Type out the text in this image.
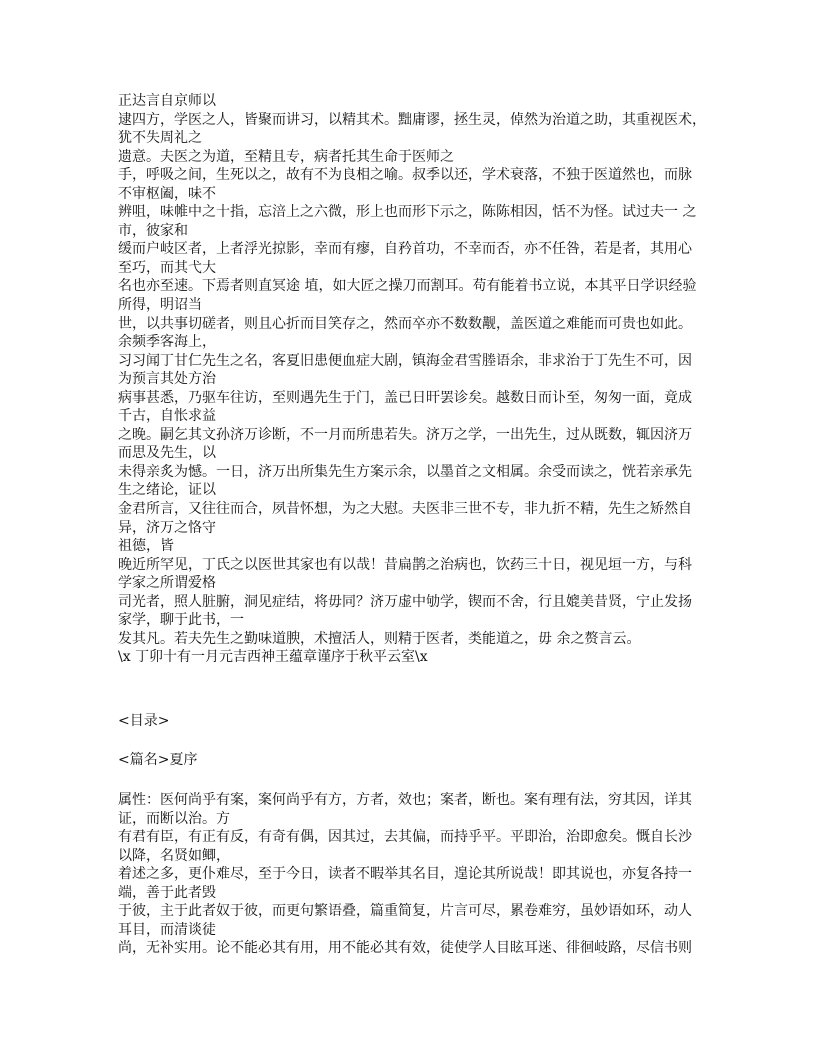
正达言自京师以
逮四方，学医之人，皆聚而讲习，以精其术。黜庸谬，拯生灵，倬然为治道之助，其重视医术，
犹不失周礼之
遗意。夫医之为道，至精且专，病者托其生命于医师之
手，呼吸之间，生死以之，故有不为良相之喻。叔季以还，学术衰落，不独于医道然也，而脉
不审枢阖，味不
辨咀，味帷中之十指，忘涪上之六微，形上也而形下示之，陈陈相因，恬不为怪。试过夫一 之
市，彼家和
缓而户岐区者，上者浮光掠影，幸而有瘳，自矜首功，不幸而否，亦不任咎，若是者，其用心
至巧，而其弋大
名也亦至速。下焉者则直冥途 埴，如大匠之操刀而割耳。苟有能着书立说，本其平日学识经验
所得，明诏当
世，以共事切磋者，则且心折而目笑存之，然而卒亦不数数觏，盖医道之难能而可贵也如此。
余频季客海上，
习习闻丁甘仁先生之名，客夏旧患便血症大剧，镇海金君雪塍语余，非求治于丁先生不可，因
为预言其处方治
病事甚悉，乃驱车往访，至则遇先生于门，盖已日旰罢诊矣。越数日而讣至，匆匆一面，竟成
千古，自怅求益
之晚。嗣乞其文孙济万诊断，不一月而所患若失。济万之学，一出先生，过从既数，辄因济万
而思及先生，以
未得亲炙为憾。一日，济万出所集先生方案示余，以墨首之文相属。余受而读之，恍若亲承先
生之绪论，证以
金君所言，又往往而合，夙昔怀想，为之大慰。夫医非三世不专，非九折不精，先生之矫然自
异，济万之恪守
祖德，皆
晚近所罕见，丁氏之以医世其家也有以哉！昔扁鹊之治病也，饮药三十日，视见垣一方，与科
学家之所谓爱格
司光者，照人脏腑，洞见症结，将毋同？济万虚中劬学，锲而不舍，行且媲美昔贤，宁止发扬
家学，聊于此书，一
发其凡。若夫先生之勤味道腴，术擅活人，则精于医者，类能道之，毋 余之赘言云。
\x 丁卯十有一月元吉西神王蕴章谨序于秋平云室\x
<目录>
<篇名>夏序
属性：医何尚乎有案，案何尚乎有方，方者，效也；案者，断也。案有理有法，穷其因，详其
证，而断以治。方
有君有臣，有正有反，有奇有偶，因其过，去其偏，而持乎平。平即治，治即愈矣。慨自长沙
以降，名贤如鲫，
着述之多，更仆难尽，至于今日，读者不暇举其名目，遑论其所说哉！即其说也，亦复各持一
端，善于此者毁
于彼，主于此者奴于彼，而更句繁语叠，篇重简复，片言可尽，累卷难穷，虽妙语如环，动人
耳目，而清谈徒
尚，无补实用。论不能必其有用，用不能必其有效，徒使学人目眩耳迷、徘徊岐路，尽信书则
